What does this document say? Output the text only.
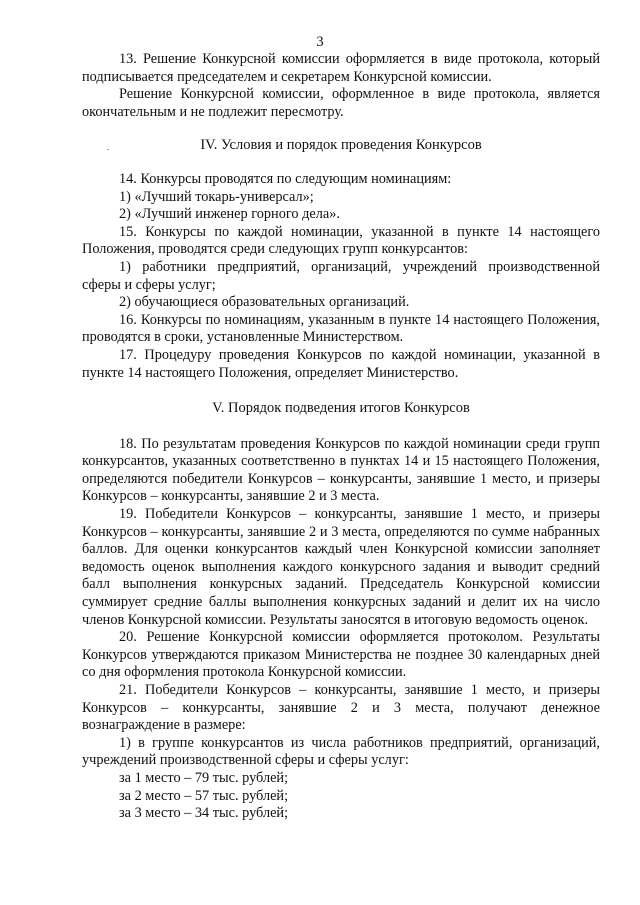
3

13. Решение Конкурсной комиссии оформляется в виде протокола, который подписывается председателем и секретарем Конкурсной комиссии.

Решение Конкурсной комиссии, оформленное в виде протокола, является окончательным и не подлежит пересмотру.

IV. Условия и порядок проведения Конкурсов

14. Конкурсы проводятся по следующим номинациям:

1) «Лучший токарь-универсал»;

2) «Лучший инженер горного дела».

15. Конкурсы по каждой номинации, указанной в пункте 14 настоящего Положения, проводятся среди следующих групп конкурсантов:

1) работники предприятий, организаций, учреждений производственной сферы и сферы услуг;

2) обучающиеся образовательных организаций.

16. Конкурсы по номинациям, указанным в пункте 14 настоящего Положения, проводятся в сроки, установленные Министерством.

17. Процедуру проведения Конкурсов по каждой номинации, указанной в пункте 14 настоящего Положения, определяет Министерство.

V. Порядок подведения итогов Конкурсов

18. По результатам проведения Конкурсов по каждой номинации среди групп конкурсантов, указанных соответственно в пунктах 14 и 15 настоящего Положения, определяются победители Конкурсов – конкурсанты, занявшие 1 место, и призеры Конкурсов – конкурсанты, занявшие 2 и 3 места.

19. Победители Конкурсов – конкурсанты, занявшие 1 место, и призеры Конкурсов – конкурсанты, занявшие 2 и 3 места, определяются по сумме набранных баллов. Для оценки конкурсантов каждый член Конкурсной комиссии заполняет ведомость оценок выполнения каждого конкурсного задания и выводит средний балл выполнения конкурсных заданий. Председатель Конкурсной комиссии суммирует средние баллы выполнения конкурсных заданий и делит их на число членов Конкурсной комиссии. Результаты заносятся в итоговую ведомость оценок.

20. Решение Конкурсной комиссии оформляется протоколом. Результаты Конкурсов утверждаются приказом Министерства не позднее 30 календарных дней со дня оформления протокола Конкурсной комиссии.

21. Победители Конкурсов – конкурсанты, занявшие 1 место, и призеры Конкурсов – конкурсанты, занявшие 2 и 3 места, получают денежное вознаграждение в размере:

1) в группе конкурсантов из числа работников предприятий, организаций, учреждений производственной сферы и сферы услуг:

за 1 место – 79 тыс. рублей;

за 2 место – 57 тыс. рублей;

за 3 место – 34 тыс. рублей;
